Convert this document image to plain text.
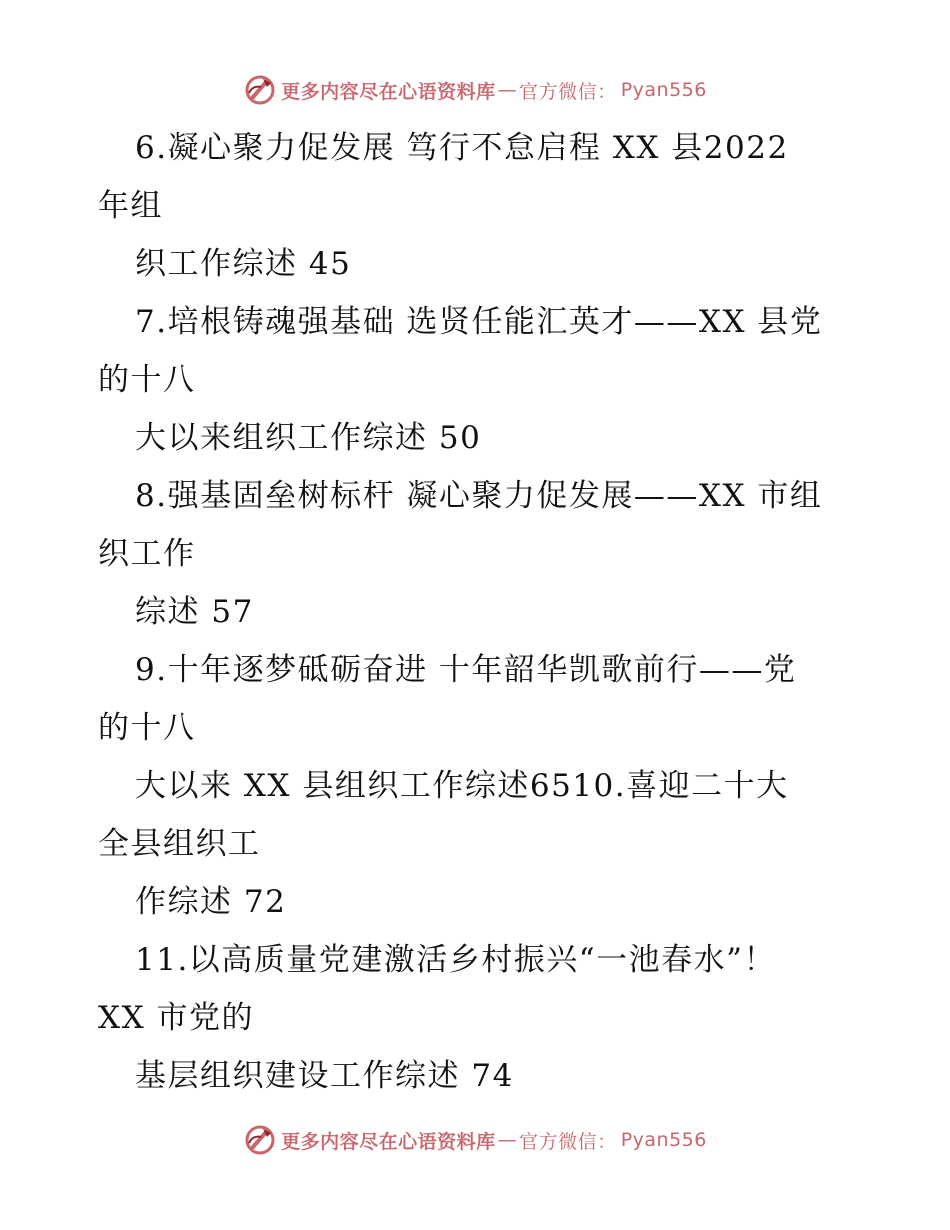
更多内容尽在心语资料库 — 官方微信： Pyan556
6.凝心聚力促发展 笃行不怠启程 XX 县2022
年组
织工作综述 45
7.培根铸魂强基础 选贤任能汇英才——XX 县党
的十八
大以来组织工作综述 50
8.强基固垒树标杆 凝心聚力促发展——XX 市组
织工作
综述 57
9.十年逐梦砥砺奋进 十年韶华凯歌前行——党
的十八
大以来 XX 县组织工作综述6510.喜迎二十大
全县组织工
作综述 72
11.以高质量党建激活乡村振兴“一池春水”！
XX 市党的
基层组织建设工作综述 74
更多内容尽在心语资料库 — 官方微信： Pyan556
